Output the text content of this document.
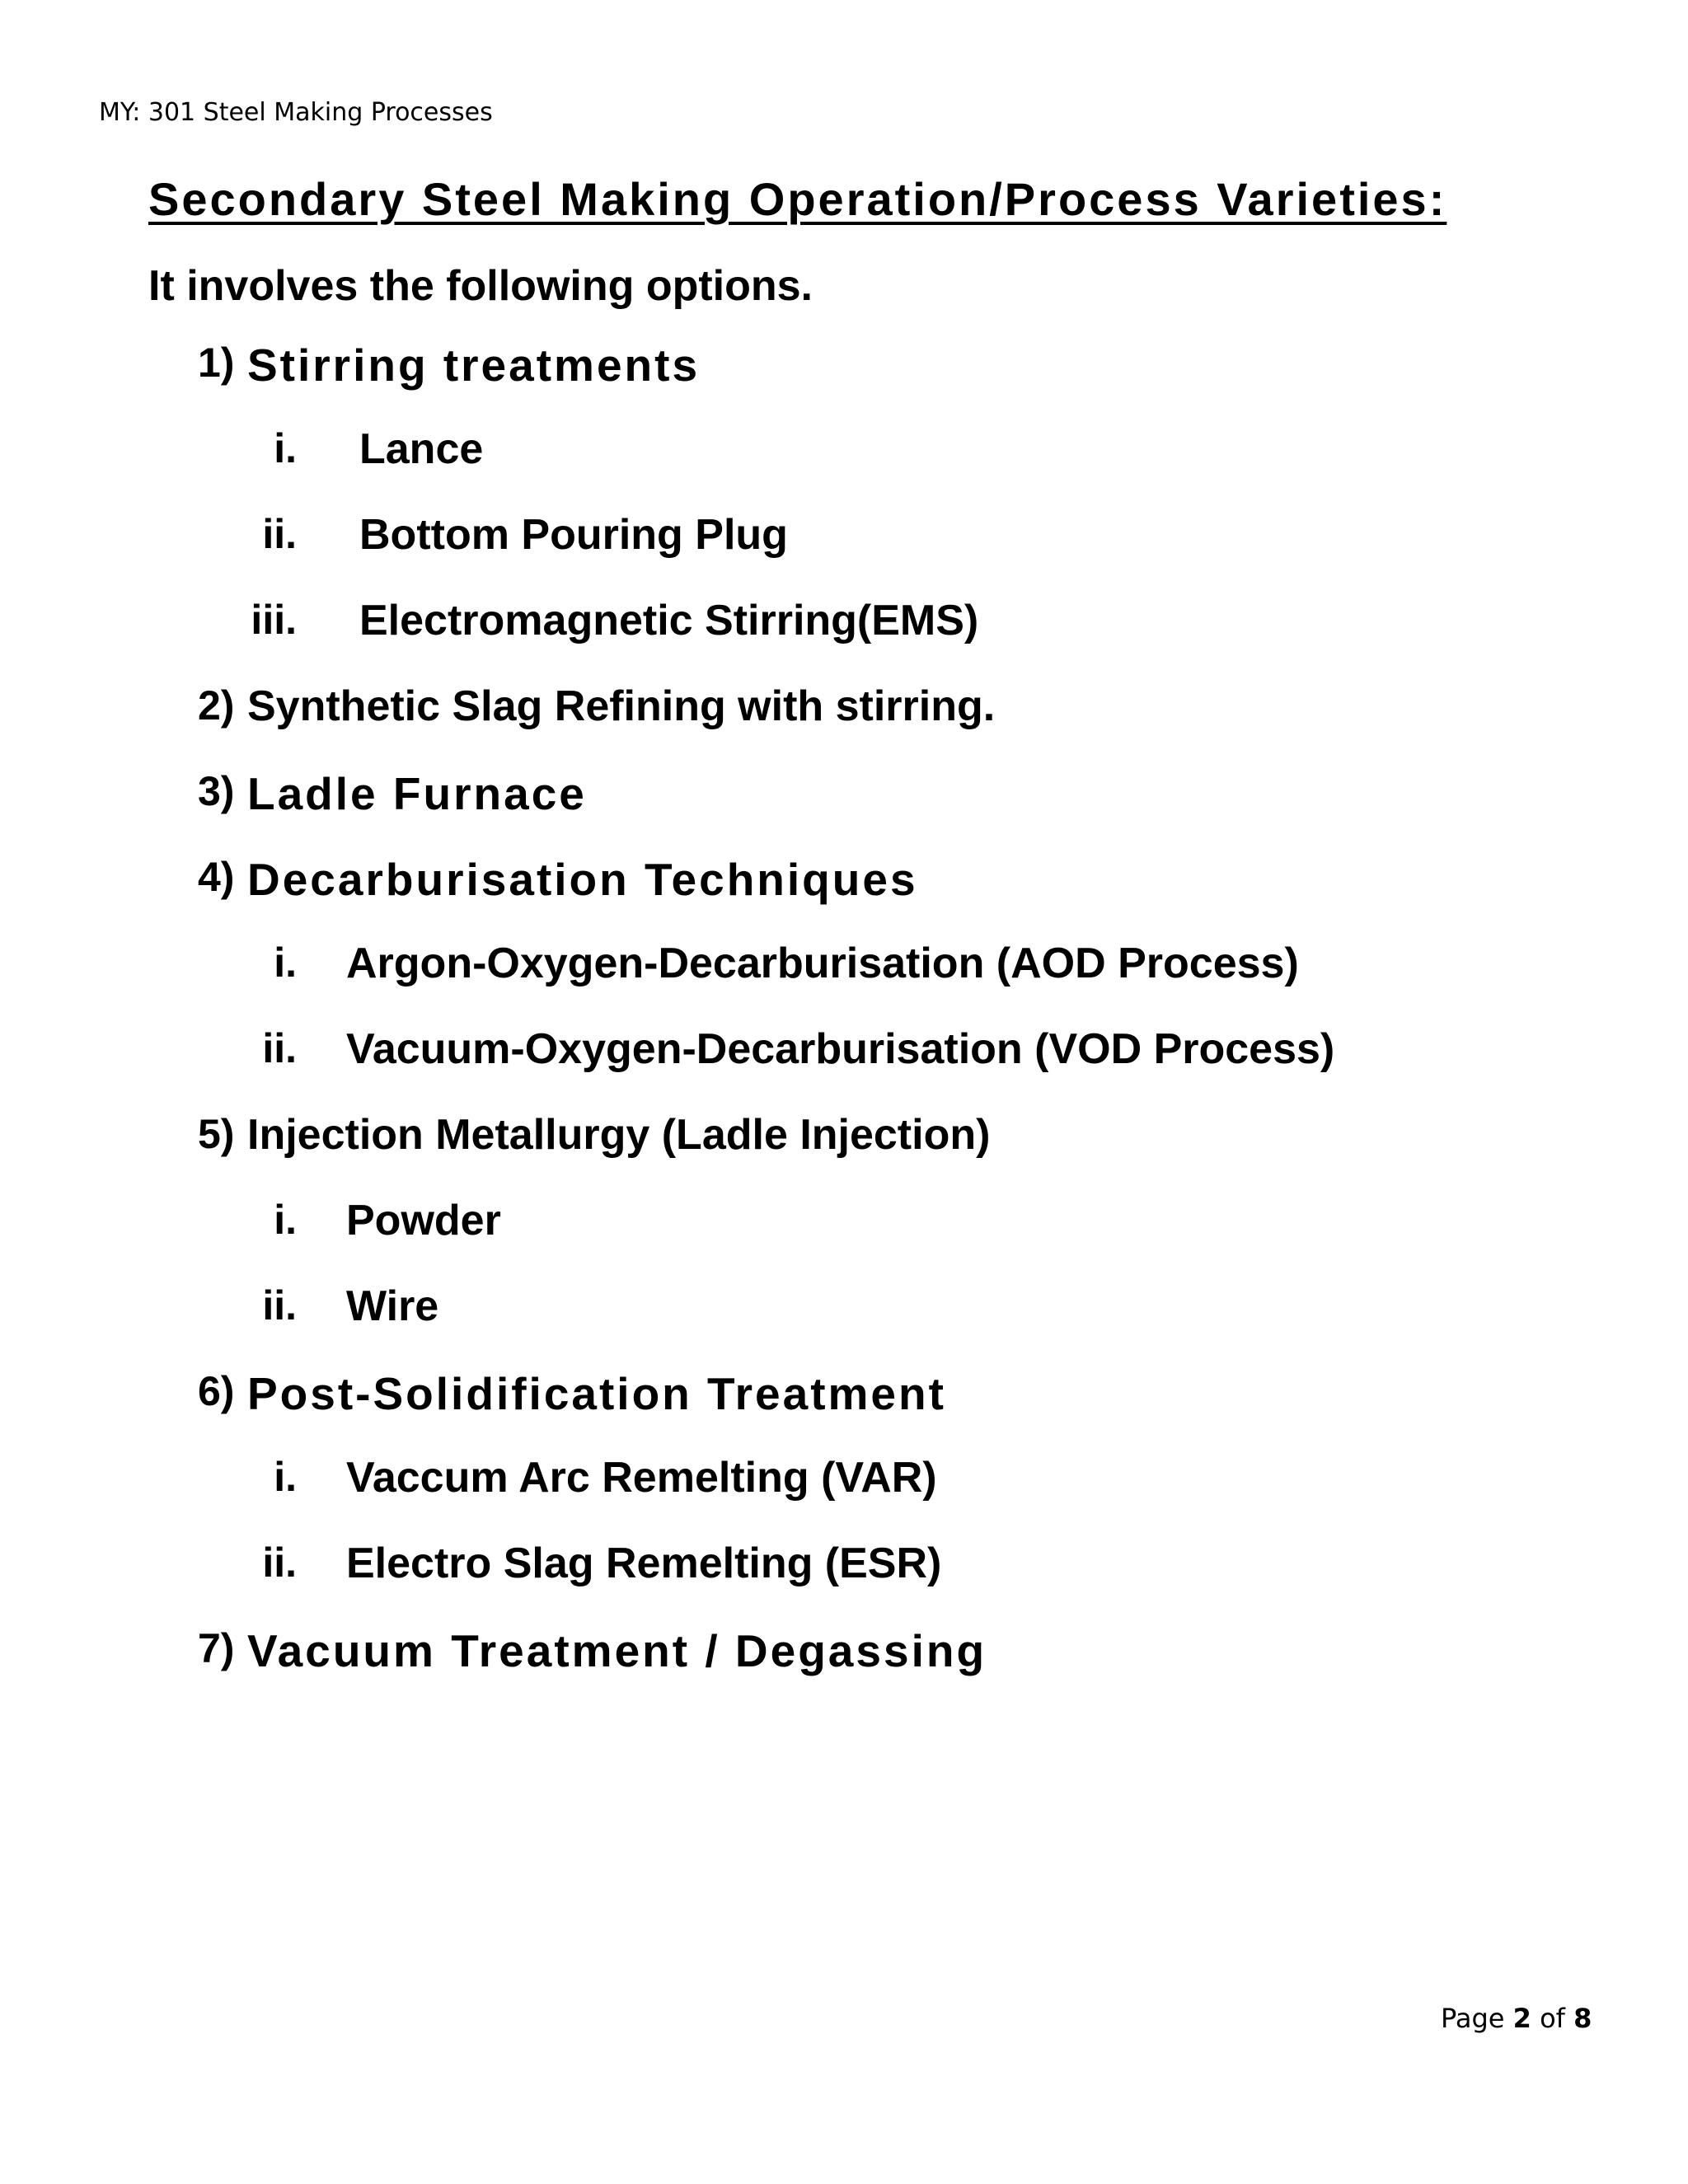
MY: 301 Steel Making Processes
Secondary Steel Making Operation/Process Varieties:
It involves the following options.
1) Stirring treatments
i. Lance
ii. Bottom Pouring Plug
iii. Electromagnetic Stirring(EMS)
2) Synthetic Slag Refining with stirring.
3) Ladle Furnace
4) Decarburisation Techniques
i. Argon-Oxygen-Decarburisation (AOD Process)
ii. Vacuum-Oxygen-Decarburisation (VOD Process)
5) Injection Metallurgy (Ladle Injection)
i. Powder
ii. Wire
6) Post-Solidification Treatment
i. Vaccum Arc Remelting (VAR)
ii. Electro Slag Remelting (ESR)
7) Vacuum Treatment / Degassing
Page 2 of 8
